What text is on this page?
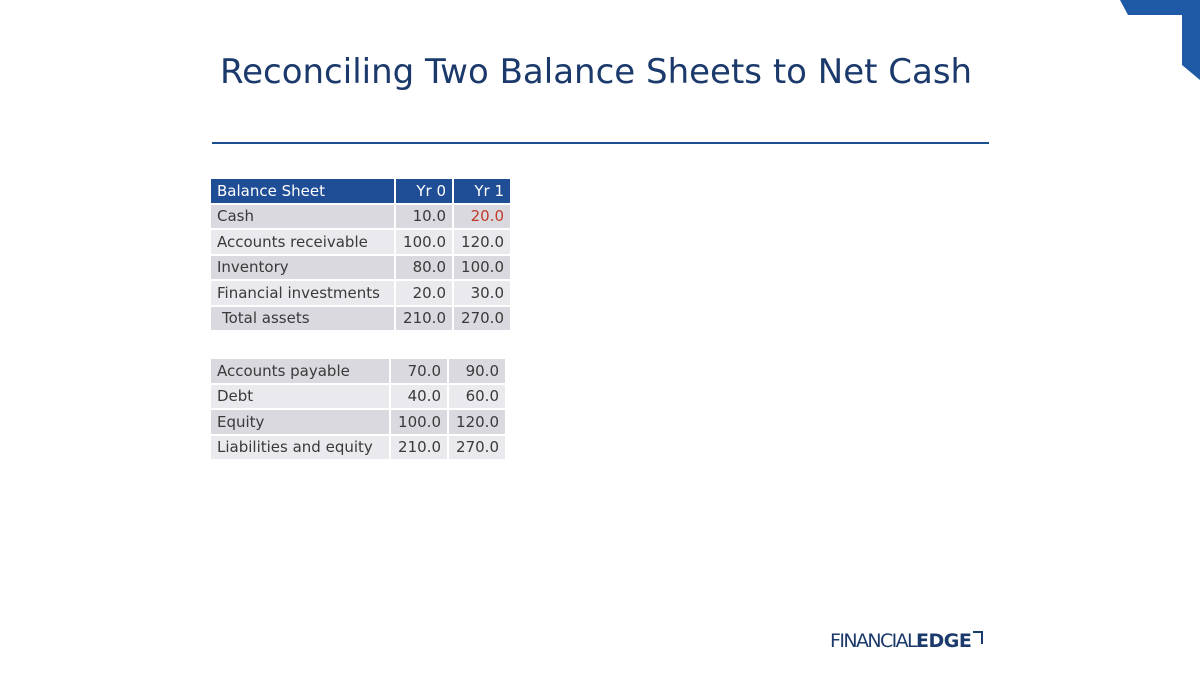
Reconciling Two Balance Sheets to Net Cash
Balance Sheet	Yr 0	Yr 1
Cash	10.0	20.0
Accounts receivable	100.0	120.0
Inventory	80.0	100.0
Financial investments	20.0	30.0
Total assets	210.0	270.0
Accounts payable	70.0	90.0
Debt	40.0	60.0
Equity	100.0	120.0
Liabilities and equity	210.0	270.0
FINANCIAL EDGE
